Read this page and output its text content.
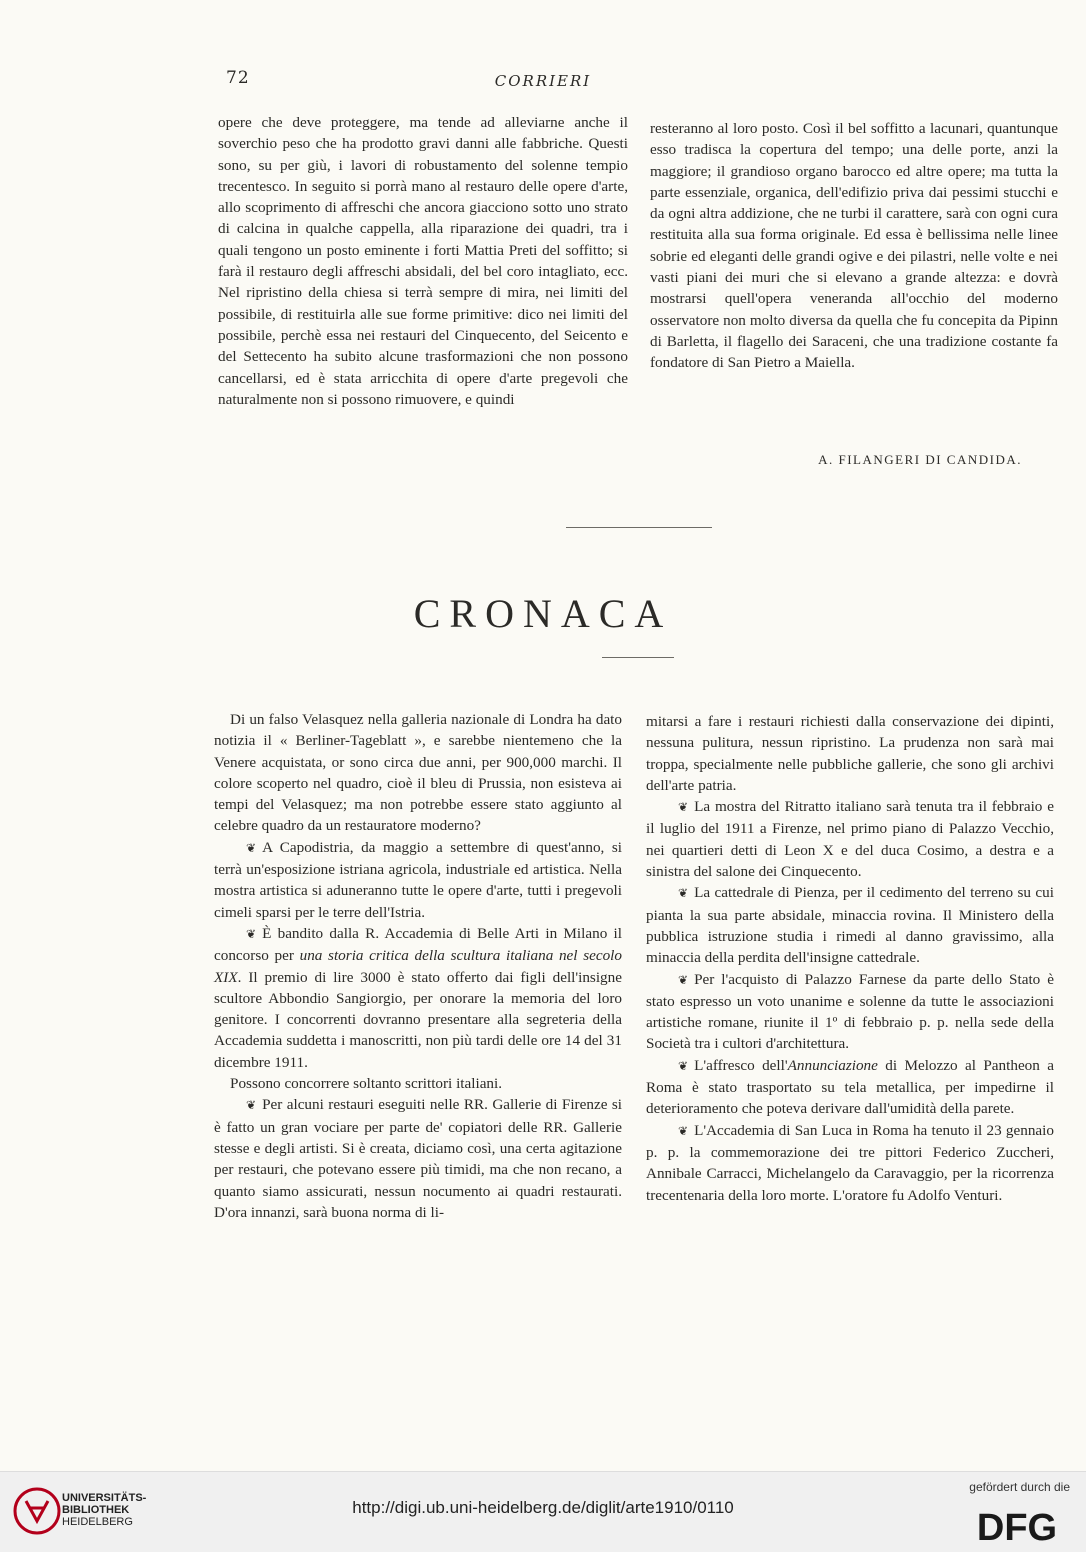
72	CORRIERI

opere che deve proteggere, ma tende ad alleviarne anche il soverchio peso che ha prodotto gravi danni alle fabbriche. Questi sono, su per giù, i lavori di robustamento del solenne tempio trecentesco. In seguito si porrà mano al restauro delle opere d'arte, allo scoprimento di affreschi che ancora giacciono sotto uno strato di calcina in qualche cappella, alla riparazione dei quadri, tra i quali tengono un posto eminente i forti Mattia Preti del soffitto; si farà il restauro degli affreschi absidali, del bel coro intagliato, ecc. Nel ripristino della chiesa si terrà sempre di mira, nei limiti del possibile, di restituirla alle sue forme primitive: dico nei limiti del possibile, perchè essa nei restauri del Cinquecento, del Seicento e del Settecento ha subito alcune trasformazioni che non possono cancellarsi, ed è stata arricchita di opere d'arte pregevoli che naturalmente non si possono rimuovere, e quindi

resteranno al loro posto. Così il bel soffitto a lacunari, quantunque esso tradisca la copertura del tempo; una delle porte, anzi la maggiore; il grandioso organo barocco ed altre opere; ma tutta la parte essenziale, organica, dell'edifizio priva dai pessimi stucchi e da ogni altra addizione, che ne turbi il carattere, sarà con ogni cura restituita alla sua forma originale. Ed essa è bellissima nelle linee sobrie ed eleganti delle grandi ogive e dei pilastri, nelle volte e nei vasti piani dei muri che si elevano a grande altezza: e dovrà mostrarsi quell'opera veneranda all'occhio del moderno osservatore non molto diversa da quella che fu concepita da Pipinn di Barletta, il flagello dei Saraceni, che una tradizione costante fa fondatore di San Pietro a Maiella.

A. FILANGERI DI CANDIDA.
CRONACA

Di un falso Velasquez nella galleria nazionale di Londra ha dato notizia il « Berliner-Tageblatt », e sarebbe nientemeno che la Venere acquistata, or sono circa due anni, per 900,000 marchi. Il colore scoperto nel quadro, cioè il bleu di Prussia, non esisteva ai tempi del Velasquez; ma non potrebbe essere stato aggiunto al celebre quadro da un restauratore moderno?

❦ A Capodistria, da maggio a settembre di quest'anno, si terrà un'esposizione istriana agricola, industriale ed artistica. Nella mostra artistica si aduneranno tutte le opere d'arte, tutti i pregevoli cimeli sparsi per le terre dell'Istria.

❦ È bandito dalla R. Accademia di Belle Arti in Milano il concorso per una storia critica della scultura italiana nel secolo XIX. Il premio di lire 3000 è stato offerto dai figli dell'insigne scultore Abbondio Sangiorgio, per onorare la memoria del loro genitore. I concorrenti dovranno presentare alla segreteria della Accademia suddetta i manoscritti, non più tardi delle ore 14 del 31 dicembre 1911.

Possono concorrere soltanto scrittori italiani.

❦ Per alcuni restauri eseguiti nelle RR. Gallerie di Firenze si è fatto un gran vociare per parte de' copiatori delle RR. Gallerie stesse e degli artisti. Si è creata, diciamo così, una certa agitazione per restauri, che potevano essere più timidi, ma che non recano, a quanto siamo assicurati, nessun nocumento ai quadri restaurati. D'ora innanzi, sarà buona norma di li-

mitarsi a fare i restauri richiesti dalla conservazione dei dipinti, nessuna pulitura, nessun ripristino. La prudenza non sarà mai troppa, specialmente nelle pubbliche gallerie, che sono gli archivi dell'arte patria.

❦ La mostra del Ritratto italiano sarà tenuta tra il febbraio e il luglio del 1911 a Firenze, nel primo piano di Palazzo Vecchio, nei quartieri detti di Leon X e del duca Cosimo, a destra e a sinistra del salone dei Cinquecento.

❦ La cattedrale di Pienza, per il cedimento del terreno su cui pianta la sua parte absidale, minaccia rovina. Il Ministero della pubblica istruzione studia i rimedi al danno gravissimo, alla minaccia della perdita dell'insigne cattedrale.

❦ Per l'acquisto di Palazzo Farnese da parte dello Stato è stato espresso un voto unanime e solenne da tutte le associazioni artistiche romane, riunite il 1º di febbraio p. p. nella sede della Società tra i cultori d'architettura.

❦ L'affresco dell'Annunciazione di Melozzo al Pantheon a Roma è stato trasportato su tela metallica, per impedirne il deterioramento che poteva derivare dall'umidità della parete.

❦ L'Accademia di San Luca in Roma ha tenuto il 23 gennaio p. p. la commemorazione dei tre pittori Federico Zuccheri, Annibale Carracci, Michelangelo da Caravaggio, per la ricorrenza trecentenaria della loro morte. L'oratore fu Adolfo Venturi.

UNIVERSITÄTS-
BIBLIOTHEK
HEIDELBERG
http://digi.ub.uni-heidelberg.de/diglit/arte1910/0110
gefördert durch die
DFG
